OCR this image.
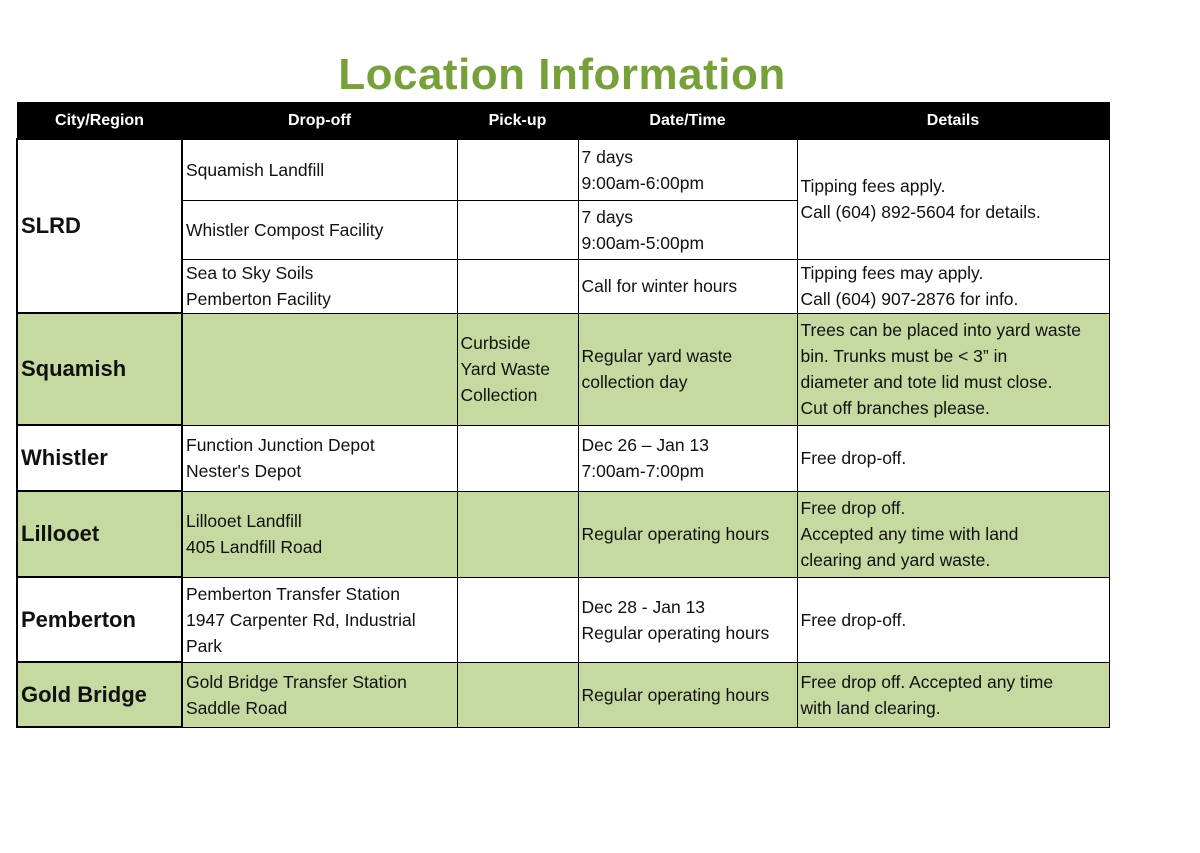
Location Information
City/Region	Drop-off	Pick-up	Date/Time	Details
SLRD	Squamish Landfill		7 days
9:00am-6:00pm	Tipping fees apply.
Call (604) 892-5604 for details.

	Whistler Compost Facility		7 days
9:00am-5:00pm	

	Sea to Sky Soils
Pemberton Facility		Call for winter hours	Tipping fees may apply.
Call (604) 907-2876 for info.

Squamish		Curbside
Yard Waste
Collection	Regular yard waste
collection day	Trees can be placed into yard waste
bin. Trunks must be < 3” in
diameter and tote lid must close.
Cut off branches please.

Whistler	Function Junction Depot
Nester's Depot		Dec 26 – Jan 13
7:00am-7:00pm	Free drop-off.

Lillooet	Lillooet Landfill
405 Landfill Road		Regular operating hours	Free drop off.
Accepted any time with land
clearing and yard waste.

Pemberton	Pemberton Transfer Station
1947 Carpenter Rd, Industrial
Park		Dec 28 - Jan 13
Regular operating hours	Free drop-off.

Gold Bridge	Gold Bridge Transfer Station
Saddle Road		Regular operating hours	Free drop off. Accepted any time
with land clearing.
